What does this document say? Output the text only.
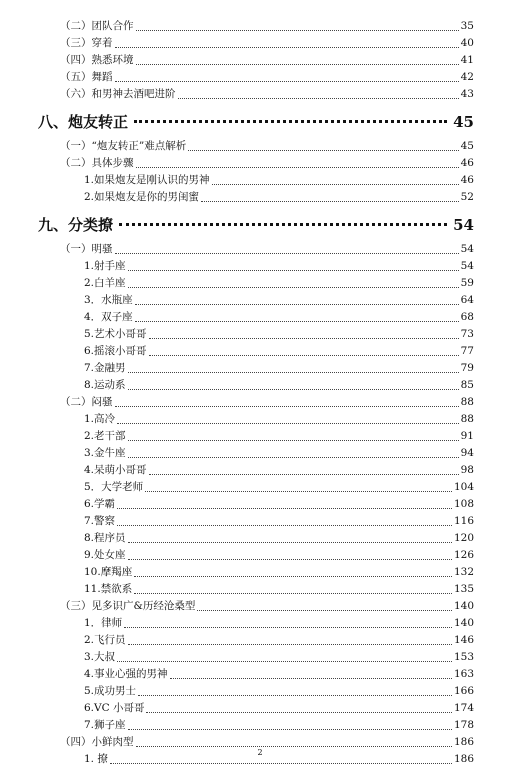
（二）团队合作	35
（三）穿着	40
（四）熟悉环境	41
（五）舞蹈	42
（六）和男神去酒吧进阶	43
八、炮友转正	45
（一）“炮友转正”难点解析	45
（二）具体步骤	46
1.如果炮友是刚认识的男神	46
2.如果炮友是你的男闺蜜	52
九、分类撩	54
（一）明骚	54
1.射手座	54
2.白羊座	59
3．水瓶座	64
4．双子座	68
5.艺术小哥哥	73
6.摇滚小哥哥	77
7.金融男	79
8.运动系	85
（二）闷骚	88
1.高冷	88
2.老干部	91
3.金牛座	94
4.呆萌小哥哥	98
5．大学老师	104
6.学霸	108
7.警察	116
8.程序员	120
9.处女座	126
10.摩羯座	132
11.禁欲系	135
（三）见多识广&历经沧桑型	140
1．律师	140
2.飞行员	146
3.大叔	153
4.事业心强的男神	163
5.成功男士	166
6.VC 小哥哥	174
7.狮子座	178
（四）小鲜肉型	186
1. 撩	186
2
